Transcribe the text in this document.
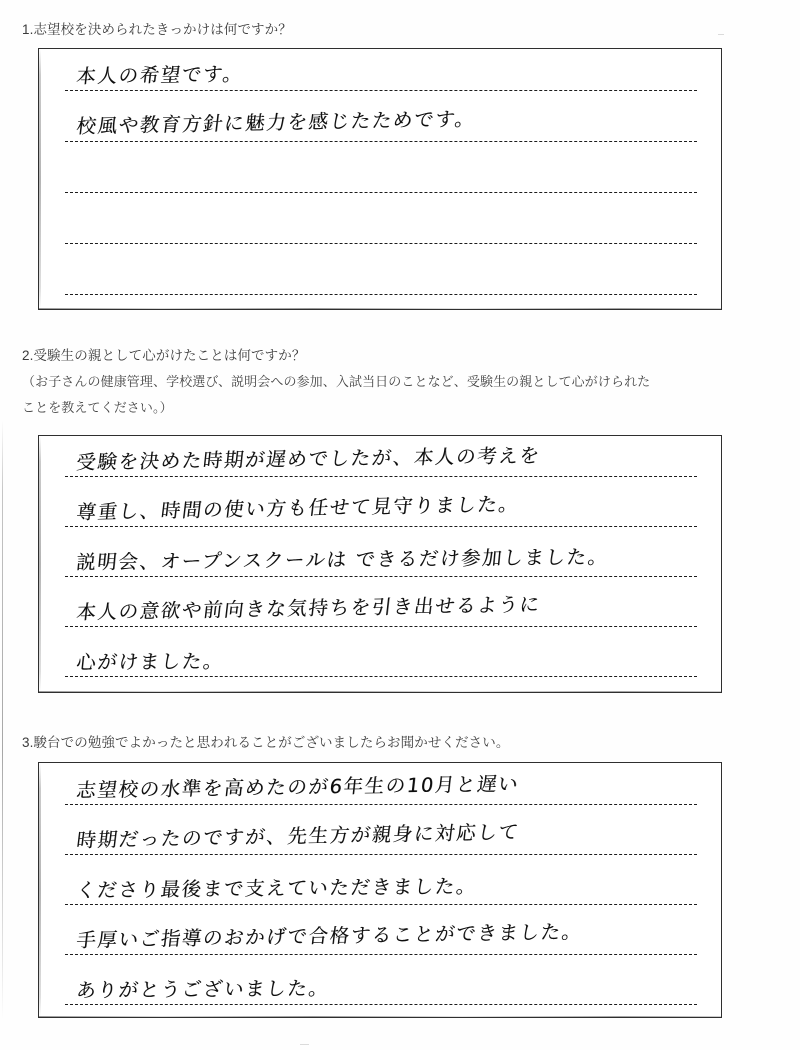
1.志望校を決められたきっかけは何ですか？
本人の希望です。
校風や教育方針に魅力を感じたためです。
2.受験生の親として心がけたことは何ですか？
（お子さんの健康管理、学校選び、説明会への参加、入試当日のことなど、受験生の親として心がけられた
ことを教えてください。）
受験を決めた時期が遅めでしたが、本人の考えを
尊重し、時間の使い方も任せて見守りました。
説明会、オープンスクールは できるだけ参加しました。
本人の意欲や前向きな気持ちを引き出せるように
心がけました。
3.駿台での勉強でよかったと思われることがございましたらお聞かせください。
志望校の水準を高めたのが6年生の10月と遅い
時期だったのですが、先生方が親身に対応して
くださり最後まで支えていただきました。
手厚いご指導のおかげで合格することができました。
ありがとうございました。
